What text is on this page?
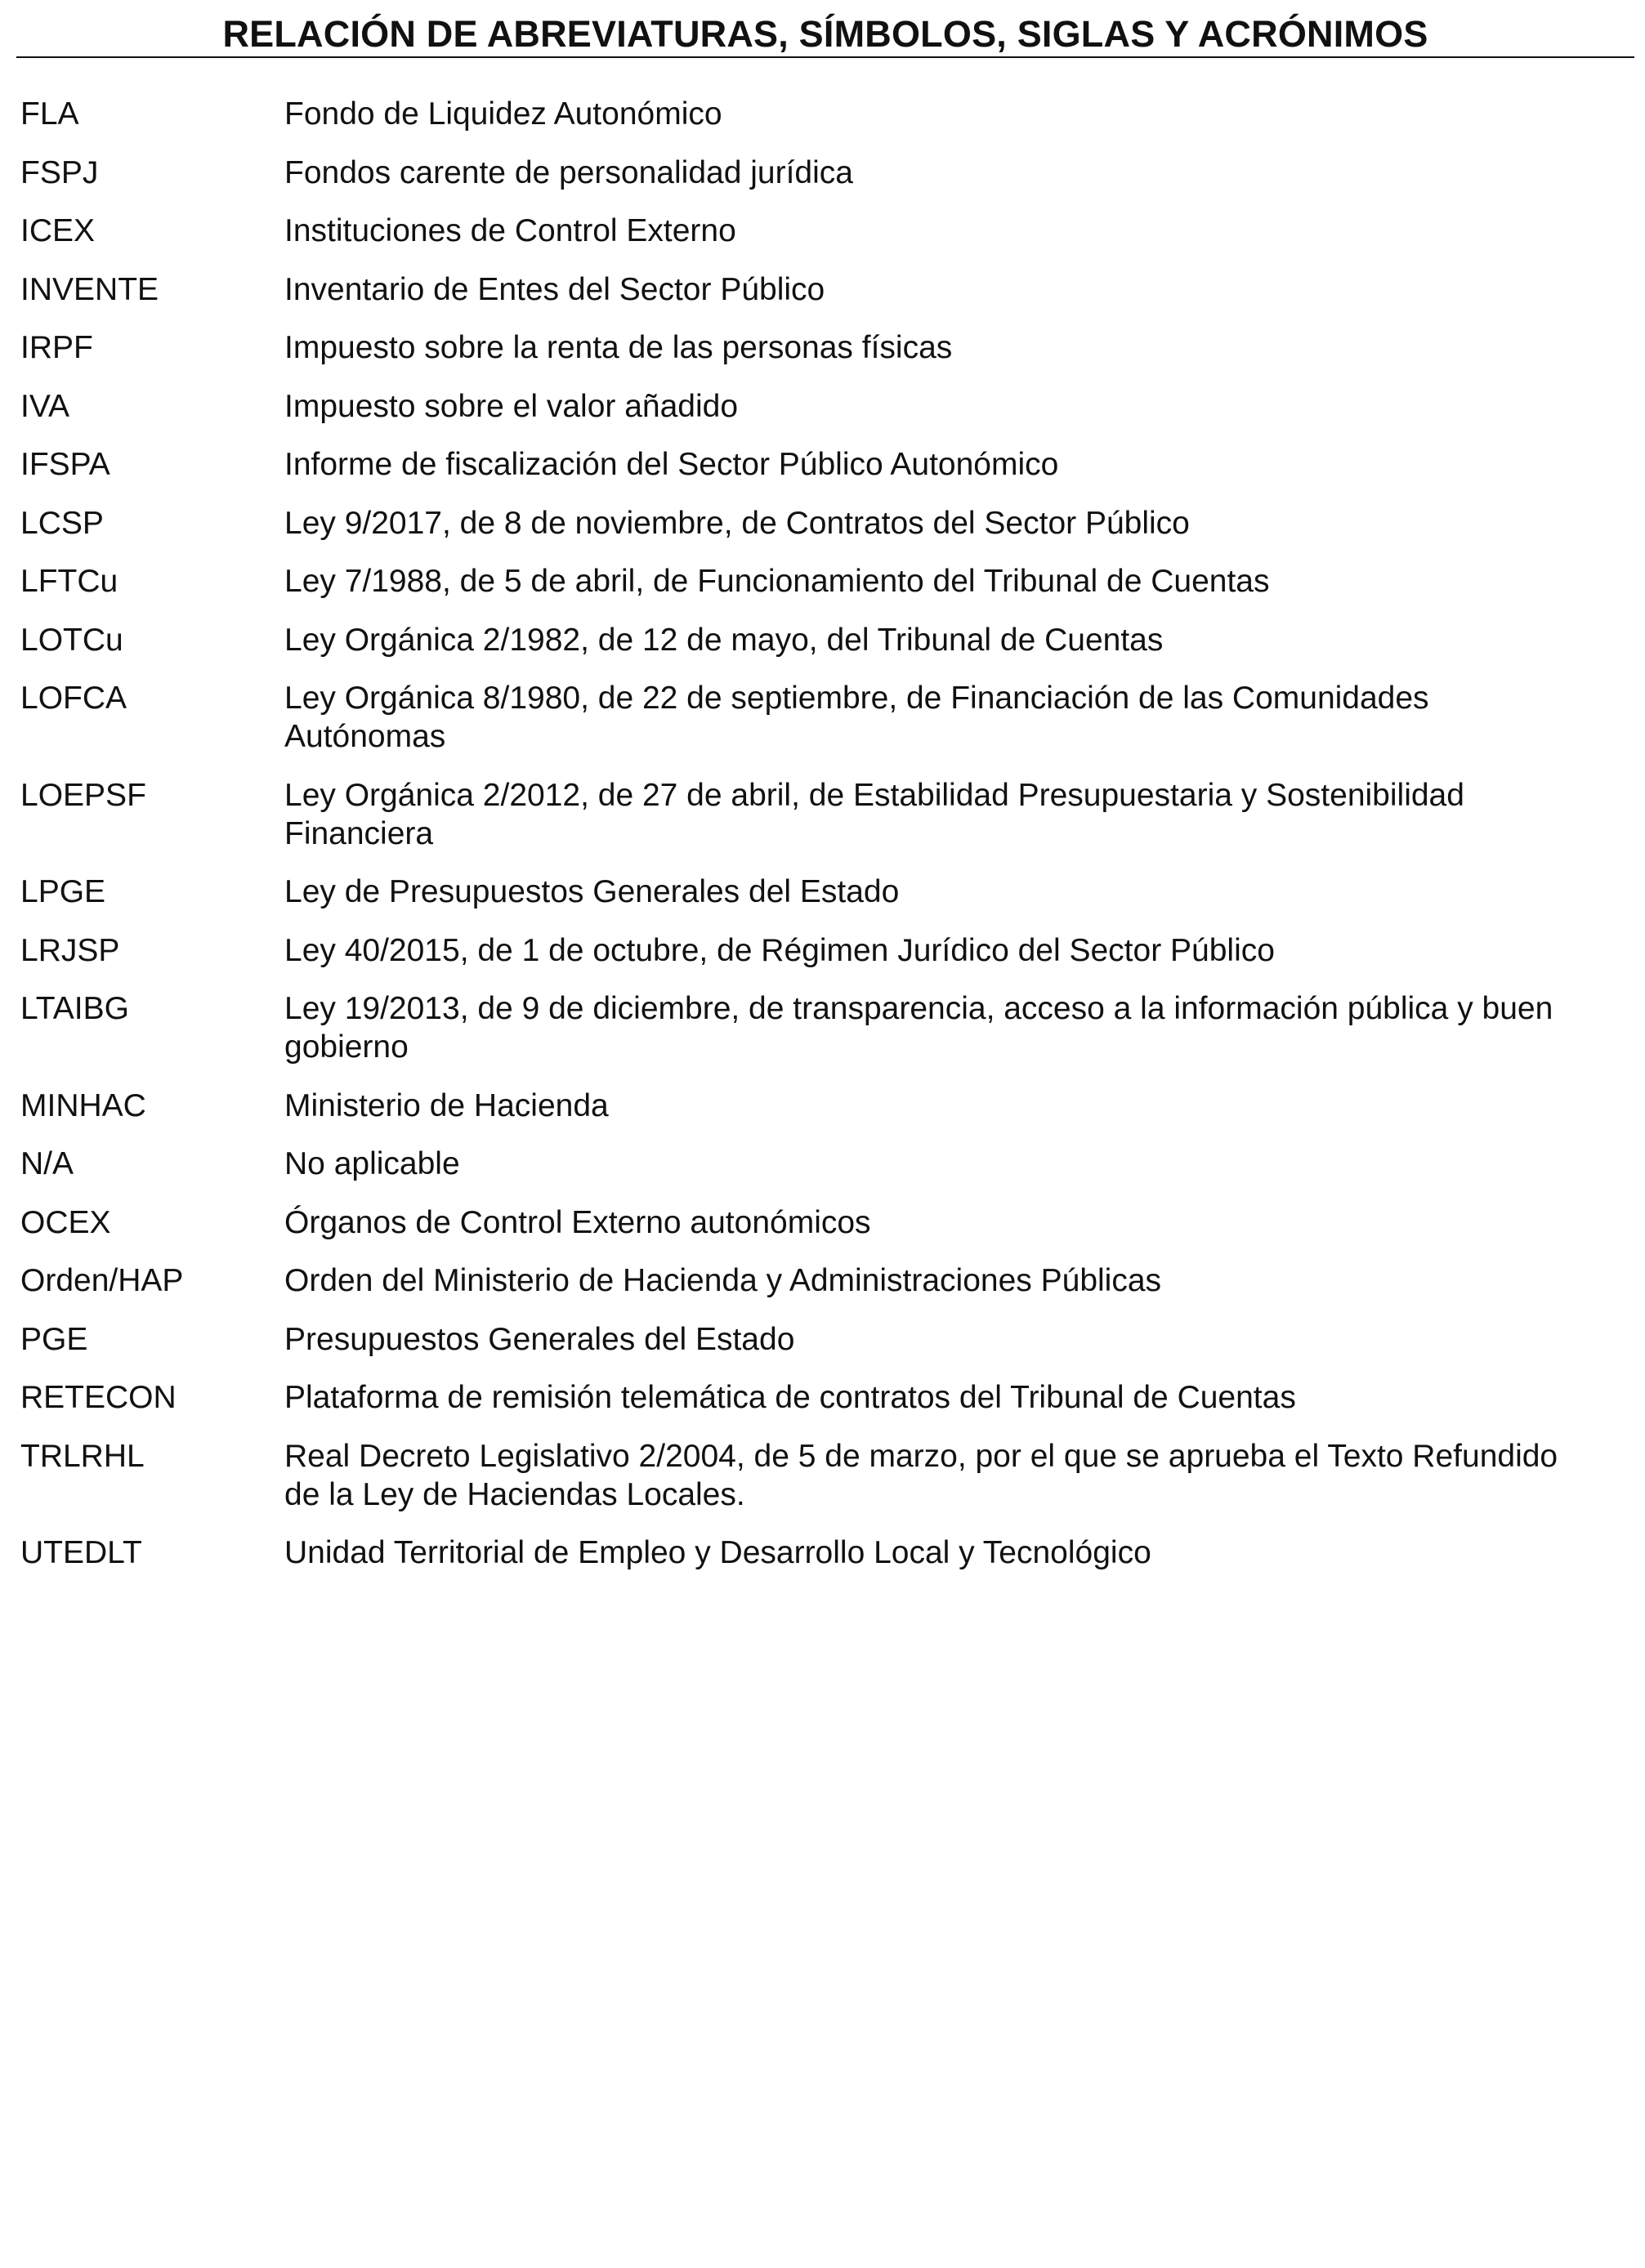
RELACIÓN DE ABREVIATURAS, SÍMBOLOS, SIGLAS Y ACRÓNIMOS
FLA	Fondo de Liquidez Autonómico
FSPJ	Fondos carente de personalidad jurídica
ICEX	Instituciones de Control Externo
INVENTE	Inventario de Entes del Sector Público
IRPF	Impuesto sobre la renta de las personas físicas
IVA	Impuesto sobre el valor añadido
IFSPA	Informe de fiscalización del Sector Público Autonómico
LCSP	Ley 9/2017, de 8 de noviembre, de Contratos del Sector Público
LFTCu	Ley 7/1988, de 5 de abril, de Funcionamiento del Tribunal de Cuentas
LOTCu	Ley Orgánica 2/1982, de 12 de mayo, del Tribunal de Cuentas
LOFCA	Ley Orgánica 8/1980, de 22 de septiembre, de Financiación de las Comunidades Autónomas
LOEPSF	Ley Orgánica 2/2012, de 27 de abril, de Estabilidad Presupuestaria y Sostenibilidad Financiera
LPGE	Ley de Presupuestos Generales del Estado
LRJSP	Ley 40/2015, de 1 de octubre, de Régimen Jurídico del Sector Público
LTAIBG	Ley 19/2013, de 9 de diciembre, de transparencia, acceso a la información pública y buen gobierno
MINHAC	Ministerio de Hacienda
N/A	No aplicable
OCEX	Órganos de Control Externo autonómicos
Orden/HAP	Orden del Ministerio de Hacienda y Administraciones Públicas
PGE	Presupuestos Generales del Estado
RETECON	Plataforma de remisión telemática de contratos del Tribunal de Cuentas
TRLRHL	Real Decreto Legislativo 2/2004, de 5 de marzo, por el que se aprueba el Texto Refundido de la Ley de Haciendas Locales.
UTEDLT	Unidad Territorial de Empleo y Desarrollo Local y Tecnológico
